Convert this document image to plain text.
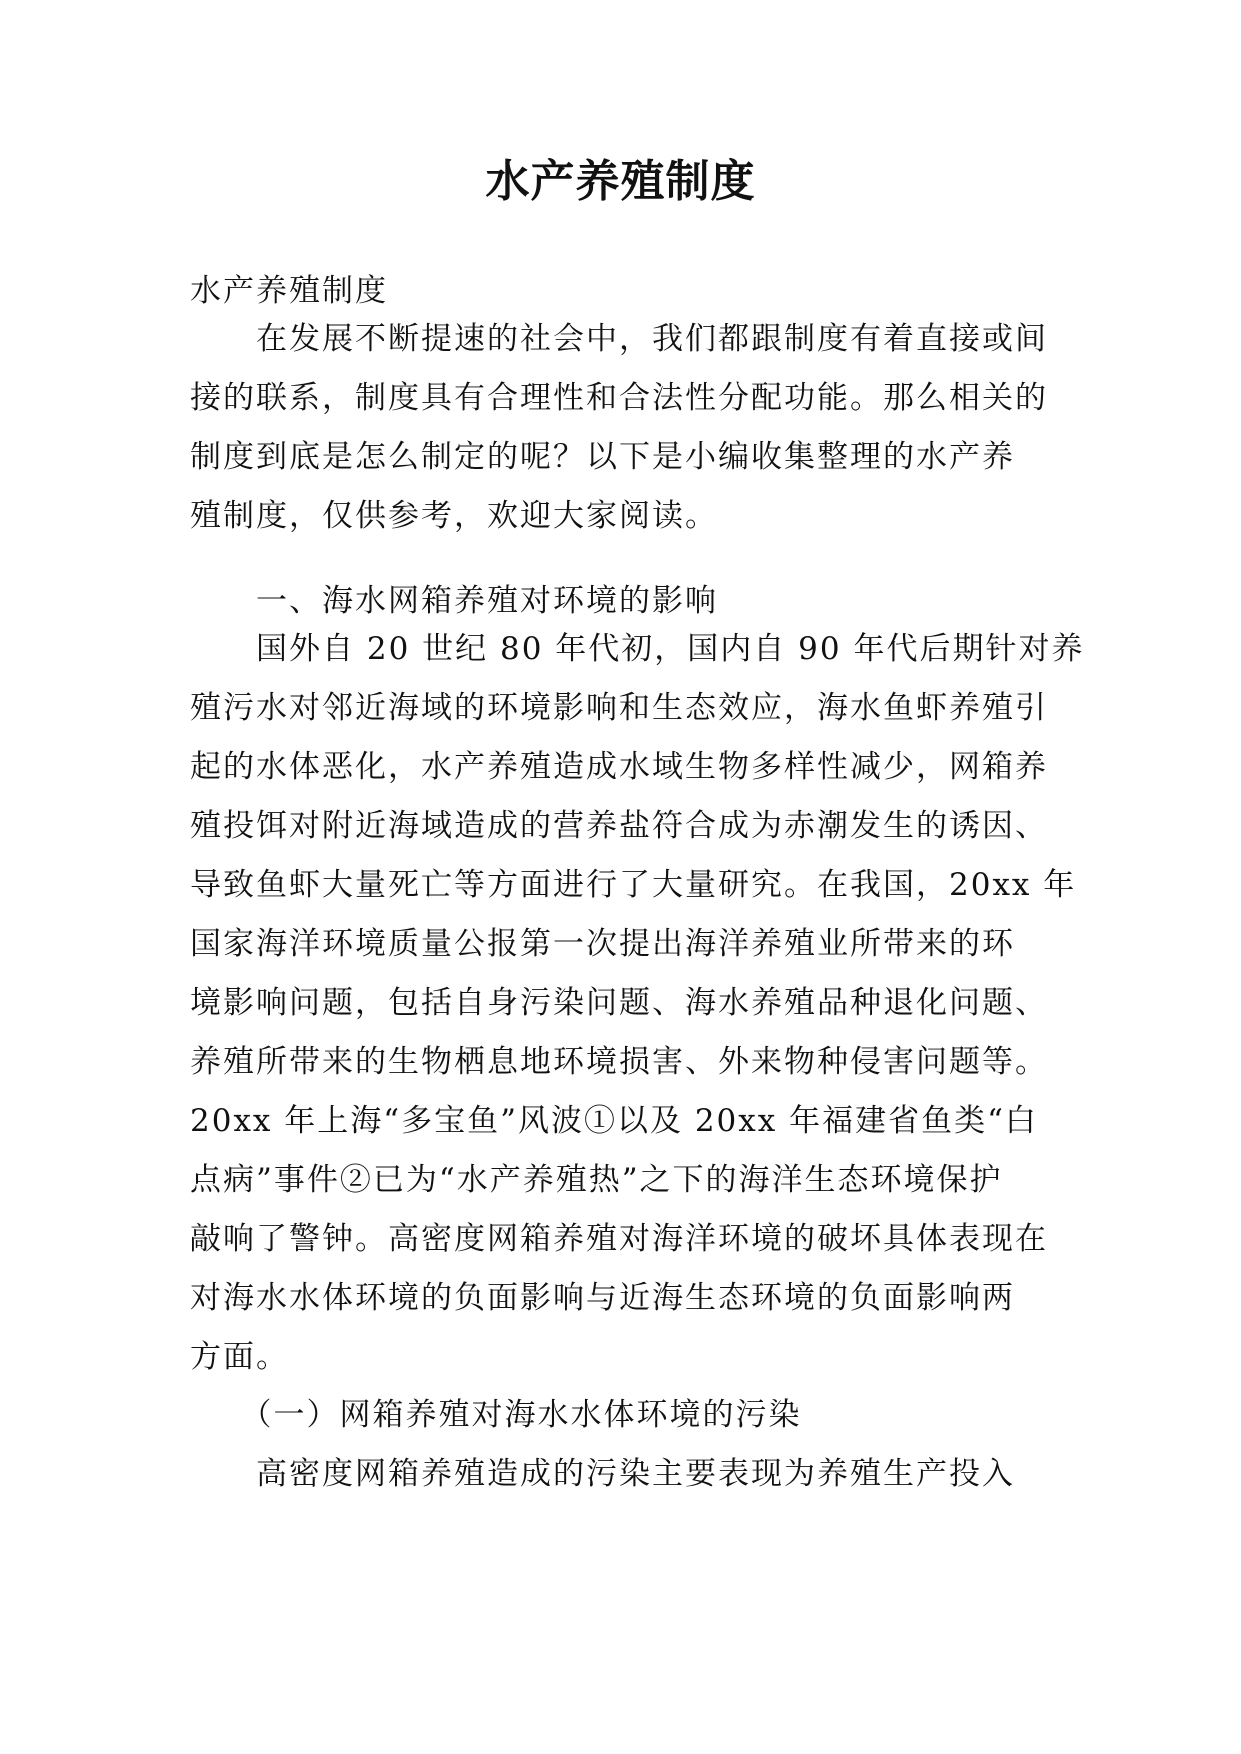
水产养殖制度

水产养殖制度

　　在发展不断提速的社会中，我们都跟制度有着直接或间
接的联系，制度具有合理性和合法性分配功能。那么相关的
制度到底是怎么制定的呢？以下是小编收集整理的水产养
殖制度，仅供参考，欢迎大家阅读。

　　一、海水网箱养殖对环境的影响

　　国外自 20 世纪 80 年代初，国内自 90 年代后期针对养
殖污水对邻近海域的环境影响和生态效应，海水鱼虾养殖引
起的水体恶化，水产养殖造成水域生物多样性减少，网箱养
殖投饵对附近海域造成的营养盐符合成为赤潮发生的诱因、
导致鱼虾大量死亡等方面进行了大量研究。在我国，20xx 年
国家海洋环境质量公报第一次提出海洋养殖业所带来的环
境影响问题，包括自身污染问题、海水养殖品种退化问题、
养殖所带来的生物栖息地环境损害、外来物种侵害问题等。
20xx 年上海“多宝鱼”风波①以及 20xx 年福建省鱼类“白
点病”事件②已为“水产养殖热”之下的海洋生态环境保护
敲响了警钟。高密度网箱养殖对海洋环境的破坏具体表现在
对海水水体环境的负面影响与近海生态环境的负面影响两
方面。

　　（一）网箱养殖对海水水体环境的污染

　　高密度网箱养殖造成的污染主要表现为养殖生产投入
